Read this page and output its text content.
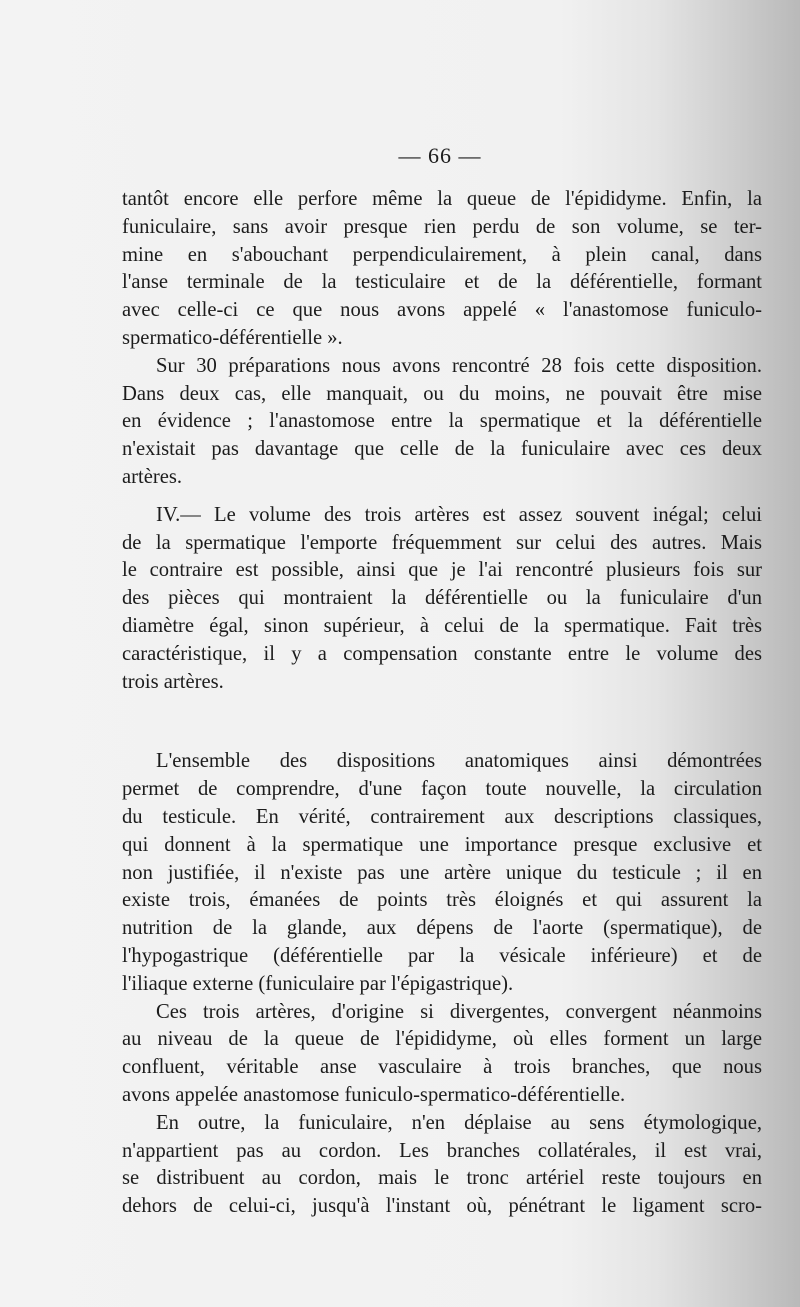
— 66 —
tantôt encore elle perfore même la queue de l'épididyme. Enfin, la
funiculaire, sans avoir presque rien perdu de son volume, se ter-
mine en s'abouchant perpendiculairement, à plein canal, dans
l'anse terminale de la testiculaire et de la déférentielle, formant
avec celle-ci ce que nous avons appelé « l'anastomose funiculo-
spermatico-déférentielle ».
Sur 30 préparations nous avons rencontré 28 fois cette disposition.
Dans deux cas, elle manquait, ou du moins, ne pouvait être mise
en évidence ; l'anastomose entre la spermatique et la déférentielle
n'existait pas davantage que celle de la funiculaire avec ces deux
artères.
IV.— Le volume des trois artères est assez souvent inégal; celui
de la spermatique l'emporte fréquemment sur celui des autres. Mais
le contraire est possible, ainsi que je l'ai rencontré plusieurs fois sur
des pièces qui montraient la déférentielle ou la funiculaire d'un
diamètre égal, sinon supérieur, à celui de la spermatique. Fait très
caractéristique, il y a compensation constante entre le volume des
trois artères.
L'ensemble des dispositions anatomiques ainsi démontrées
permet de comprendre, d'une façon toute nouvelle, la circulation
du testicule. En vérité, contrairement aux descriptions classiques,
qui donnent à la spermatique une importance presque exclusive et
non justifiée, il n'existe pas une artère unique du testicule ; il en
existe trois, émanées de points très éloignés et qui assurent la
nutrition de la glande, aux dépens de l'aorte (spermatique), de
l'hypogastrique (déférentielle par la vésicale inférieure) et de
l'iliaque externe (funiculaire par l'épigastrique).
Ces trois artères, d'origine si divergentes, convergent néanmoins
au niveau de la queue de l'épididyme, où elles forment un large
confluent, véritable anse vasculaire à trois branches, que nous
avons appelée anastomose funiculo-spermatico-déférentielle.
En outre, la funiculaire, n'en déplaise au sens étymologique,
n'appartient pas au cordon. Les branches collatérales, il est vrai,
se distribuent au cordon, mais le tronc artériel reste toujours en
dehors de celui-ci, jusqu'à l'instant où, pénétrant le ligament scro-
